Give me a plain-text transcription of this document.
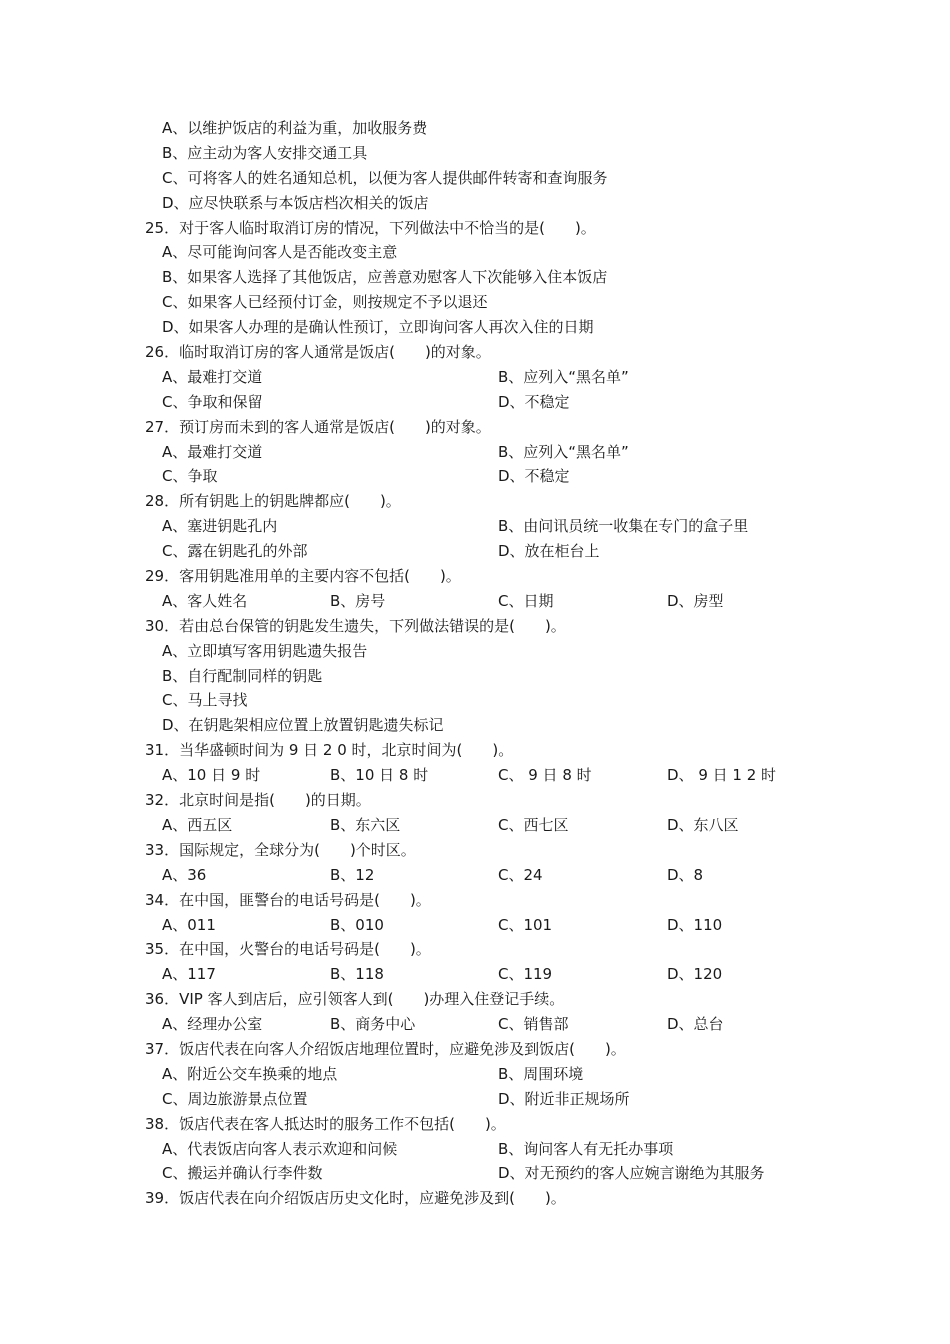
A、以维护饭店的利益为重，加收服务费
B、应主动为客人安排交通工具
C、可将客人的姓名通知总机，以便为客人提供邮件转寄和查询服务
D、应尽快联系与本饭店档次相关的饭店
25．对于客人临时取消订房的情况，下列做法中不恰当的是(　　)。
A、尽可能询问客人是否能改变主意
B、如果客人选择了其他饭店，应善意劝慰客人下次能够入住本饭店
C、如果客人已经预付订金，则按规定不予以退还
D、如果客人办理的是确认性预订，立即询问客人再次入住的日期
26．临时取消订房的客人通常是饭店(　　)的对象。
A、最难打交道	B、应列入“黑名单”
C、争取和保留	D、不稳定
27．预订房而未到的客人通常是饭店(　　)的对象。
A、最难打交道	B、应列入“黑名单”
C、争取	D、不稳定
28．所有钥匙上的钥匙牌都应(　　)。
A、塞进钥匙孔内	B、由问讯员统一收集在专门的盒子里
C、露在钥匙孔的外部	D、放在柜台上
29．客用钥匙准用单的主要内容不包括(　　)。
A、客人姓名	B、房号	C、日期	D、房型
30．若由总台保管的钥匙发生遗失，下列做法错误的是(　　)。
A、立即填写客用钥匙遗失报告
B、自行配制同样的钥匙
C、马上寻找
D、在钥匙架相应位置上放置钥匙遗失标记
31．当华盛顿时间为 9 日 2 0 时，北京时间为(　　)。
A、10 日 9 时	B、10 日 8 时	C、 9 日 8 时	D、 9 日 1 2 时
32．北京时间是指(　　)的日期。
A、西五区	B、东六区	C、西七区	D、东八区
33．国际规定，全球分为(　　)个时区。
A、36	B、12	C、24	D、8
34．在中国，匪警台的电话号码是(　　)。
A、011	B、010	C、101	D、110
35．在中国，火警台的电话号码是(　　)。
A、117	B、118	C、119	D、120
36．VIP 客人到店后，应引领客人到(　　)办理入住登记手续。
A、经理办公室	B、商务中心	C、销售部	D、总台
37．饭店代表在向客人介绍饭店地理位置时，应避免涉及到饭店(　　)。
A、附近公交车换乘的地点	B、周围环境
C、周边旅游景点位置	D、附近非正规场所
38．饭店代表在客人抵达时的服务工作不包括(　　)。
A、代表饭店向客人表示欢迎和问候	B、询问客人有无托办事项
C、搬运并确认行李件数	D、对无预约的客人应婉言谢绝为其服务
39．饭店代表在向介绍饭店历史文化时，应避免涉及到(　　)。
